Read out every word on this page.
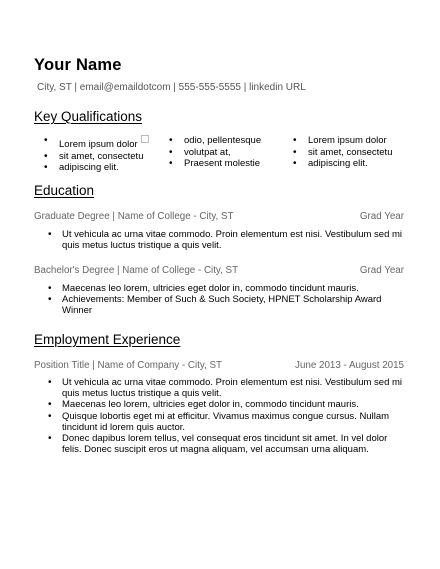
Your Name
City, ST | email@emaildotcom | 555-555-5555 | linkedin URL
Key Qualifications
• Lorem ipsum dolor
• sit amet, consectetu
• adipiscing elit.
• odio, pellentesque
• volutpat at,
• Praesent molestie
• Lorem ipsum dolor
• sit amet, consectetu
• adipiscing elit.
Education
Graduate Degree | Name of College - City, ST	Grad Year
• Ut vehicula ac urna vitae commodo. Proin elementum est nisi. Vestibulum sed mi quis metus luctus tristique a quis velit.
Bachelor's Degree | Name of College - City, ST	Grad Year
• Maecenas leo lorem, ultricies eget dolor in, commodo tincidunt mauris.
• Achievements: Member of Such & Such Society, HPNET Scholarship Award Winner
Employment Experience
Position Title | Name of Company - City, ST	June 2013 - August 2015
• Ut vehicula ac urna vitae commodo. Proin elementum est nisi. Vestibulum sed mi quis metus luctus tristique a quis velit.
• Maecenas leo lorem, ultricies eget dolor in, commodo tincidunt mauris.
• Quisque lobortis eget mi at efficitur. Vivamus maximus congue cursus. Nullam tincidunt id lorem quis auctor.
• Donec dapibus lorem tellus, vel consequat eros tincidunt sit amet. In vel dolor felis. Donec suscipit eros ut magna aliquam, vel accumsan urna aliquam.
